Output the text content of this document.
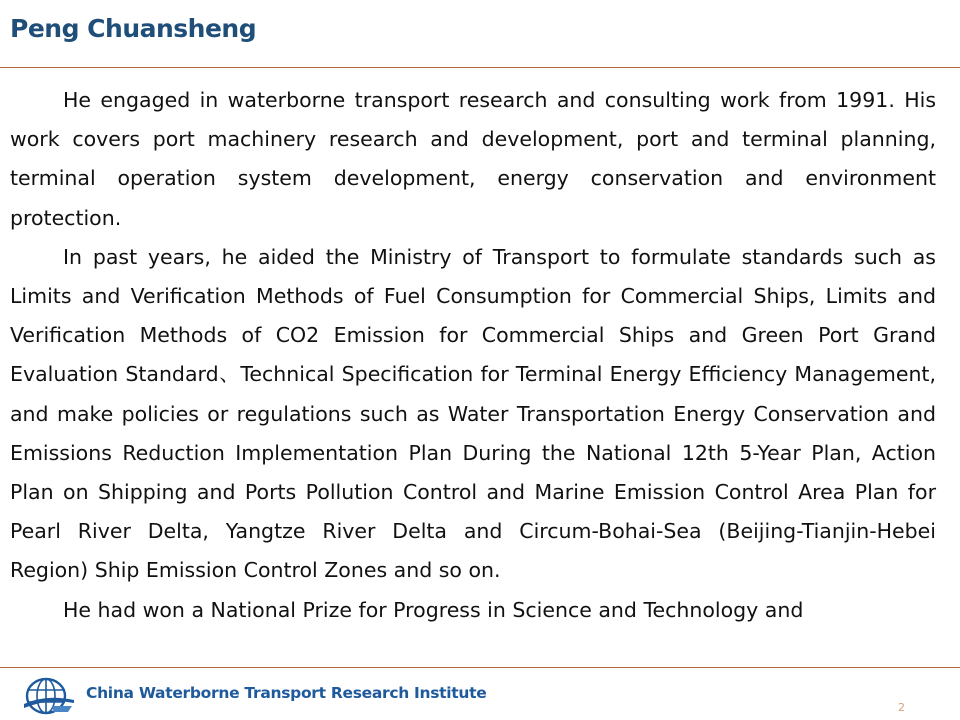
Peng Chuansheng

He engaged in waterborne transport research and consulting work from 1991. His work covers port machinery research and development, port and terminal planning, terminal operation system development, energy conservation and environment protection.

In past years, he aided the Ministry of Transport to formulate standards such as Limits and Verification Methods of Fuel Consumption for Commercial Ships, Limits and Verification Methods of CO2 Emission for Commercial Ships and Green Port Grand Evaluation Standard、Technical Specification for Terminal Energy Efficiency Management, and make policies or regulations such as Water Transportation Energy Conservation and Emissions Reduction Implementation Plan During the National 12th 5-Year Plan, Action Plan on Shipping and Ports Pollution Control and Marine Emission Control Area Plan for Pearl River Delta, Yangtze River Delta and Circum-Bohai-Sea (Beijing-Tianjin-Hebei Region) Ship Emission Control Zones and so on.

He had won a National Prize for Progress in Science and Technology and

China Waterborne Transport Research Institute
2
